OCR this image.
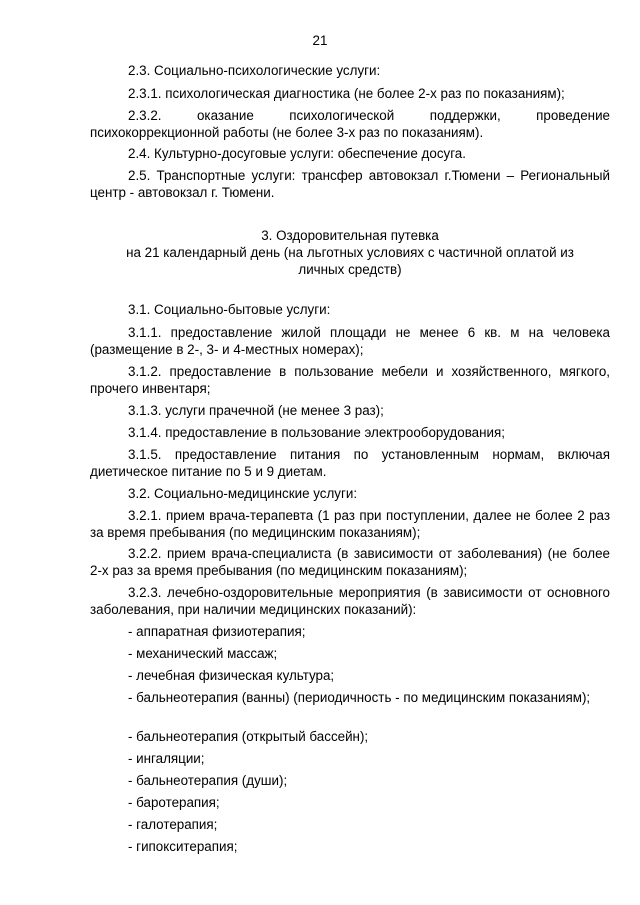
21

2.3. Социально-психологические услуги:

2.3.1. психологическая диагностика (не более 2-х раз по показаниям);

2.3.2. оказание психологической поддержки, проведение психокоррекционной работы (не более 3-х раз по показаниям).

2.4. Культурно-досуговые услуги: обеспечение досуга.

2.5. Транспортные услуги: трансфер автовокзал г.Тюмени – Региональный центр - автовокзал г. Тюмени.

3. Оздоровительная путевка

на 21 календарный день (на льготных условиях с частичной оплатой из личных средств)

3.1. Социально-бытовые услуги:

3.1.1. предоставление жилой площади не менее 6 кв. м на человека (размещение в 2-, 3- и 4-местных номерах);

3.1.2. предоставление в пользование мебели и хозяйственного, мягкого, прочего инвентаря;

3.1.3. услуги прачечной (не менее 3 раз);

3.1.4. предоставление в пользование электрооборудования;

3.1.5. предоставление питания по установленным нормам, включая диетическое питание по 5 и 9 диетам.

3.2. Социально-медицинские услуги:

3.2.1. прием врача-терапевта (1 раз при поступлении, далее не более 2 раз за время пребывания (по медицинским показаниям);

3.2.2. прием врача-специалиста (в зависимости от заболевания) (не более 2-х раз за время пребывания (по медицинским показаниям);

3.2.3. лечебно-оздоровительные мероприятия (в зависимости от основного заболевания, при наличии медицинских показаний):

- аппаратная физиотерапия;

- механический массаж;

- лечебная физическая культура;

- бальнеотерапия (ванны) (периодичность - по медицинским показаниям);

- бальнеотерапия (открытый бассейн);

- ингаляции;

- бальнеотерапия (души);

- баротерапия;

- галотерапия;

- гипокситерапия;
